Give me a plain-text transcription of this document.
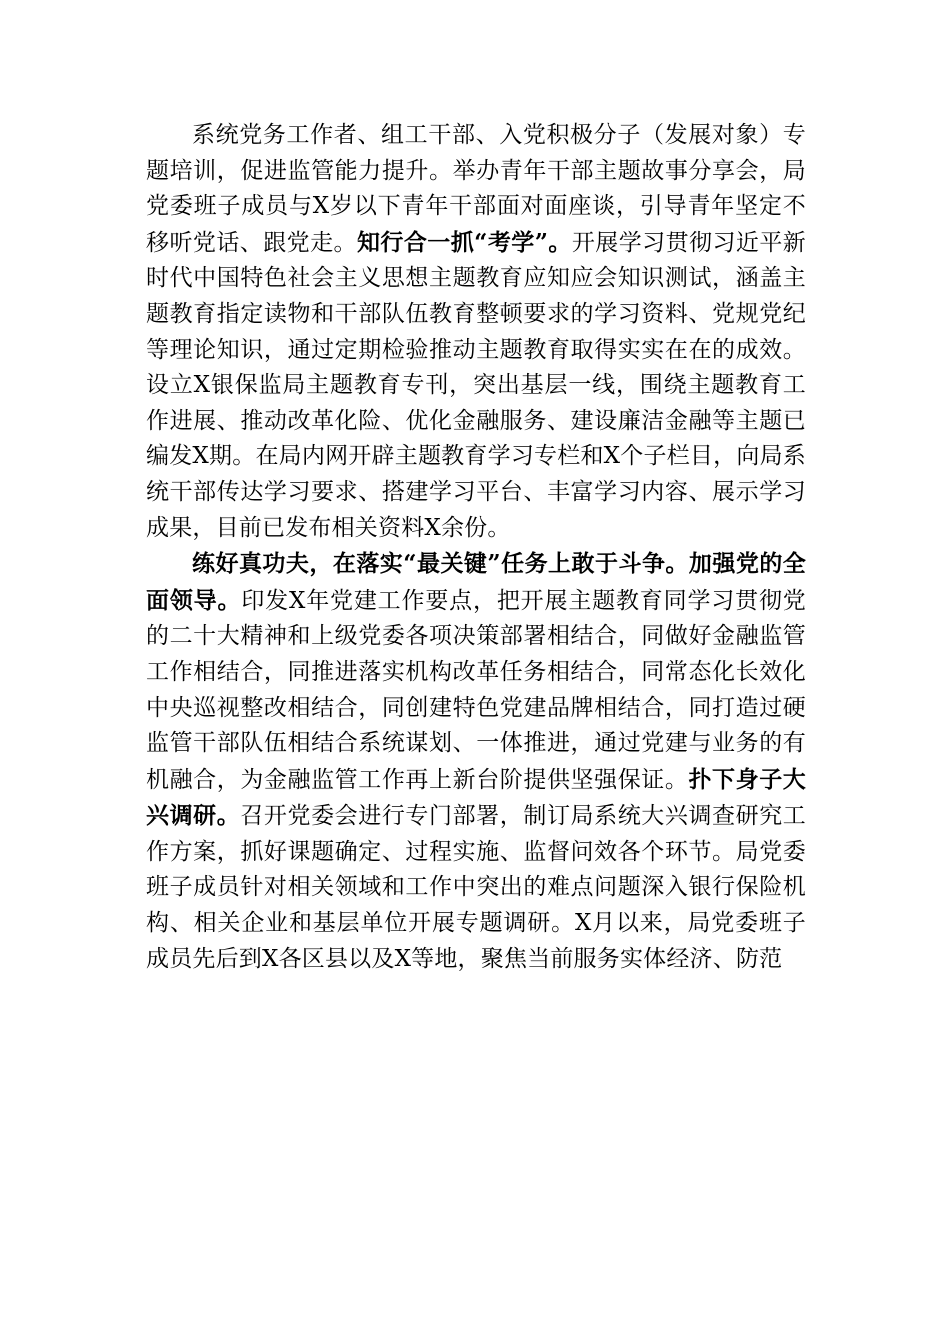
系统党务工作者、组工干部、入党积极分子（发展对象）专题培训，促进监管能力提升。举办青年干部主题故事分享会，局党委班子成员与X岁以下青年干部面对面座谈，引导青年坚定不移听党话、跟党走。知行合一抓“考学”。开展学习贯彻习近平新时代中国特色社会主义思想主题教育应知应会知识测试，涵盖主题教育指定读物和干部队伍教育整顿要求的学习资料、党规党纪等理论知识，通过定期检验推动主题教育取得实实在在的成效。设立X银保监局主题教育专刊，突出基层一线，围绕主题教育工作进展、推动改革化险、优化金融服务、建设廉洁金融等主题已编发X期。在局内网开辟主题教育学习专栏和X个子栏目，向局系统干部传达学习要求、搭建学习平台、丰富学习内容、展示学习成果，目前已发布相关资料X余份。

练好真功夫，在落实“最关键”任务上敢于斗争。加强党的全面领导。印发X年党建工作要点，把开展主题教育同学习贯彻党的二十大精神和上级党委各项决策部署相结合，同做好金融监管工作相结合，同推进落实机构改革任务相结合，同常态化长效化中央巡视整改相结合，同创建特色党建品牌相结合，同打造过硬监管干部队伍相结合系统谋划、一体推进，通过党建与业务的有机融合，为金融监管工作再上新台阶提供坚强保证。扑下身子大兴调研。召开党委会进行专门部署，制订局系统大兴调查研究工作方案，抓好课题确定、过程实施、监督问效各个环节。局党委班子成员针对相关领域和工作中突出的难点问题深入银行保险机构、相关企业和基层单位开展专题调研。X月以来，局党委班子成员先后到X各区县以及X等地，聚焦当前服务实体经济、防范
